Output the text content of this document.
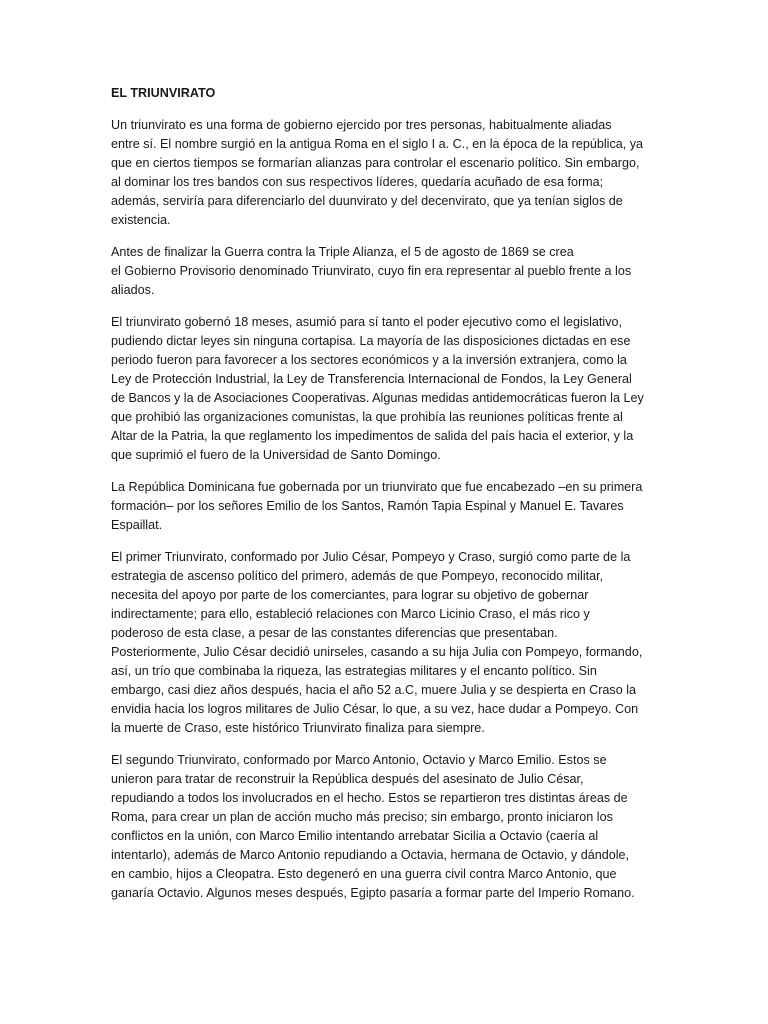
EL TRIUNVIRATO

Un triunvirato es una forma de gobierno ejercido por tres personas, habitualmente aliadas
entre sí. El nombre surgió en la antigua Roma en el siglo I a. C., en la época de la república, ya
que en ciertos tiempos se formarían alianzas para controlar el escenario político. Sin embargo,
al dominar los tres bandos con sus respectivos líderes, quedaría acuñado de esa forma;
además, serviría para diferenciarlo del duunvirato y del decenvirato, que ya tenían siglos de
existencia.

Antes de finalizar la Guerra contra la Triple Alianza, el 5 de agosto de 1869 se crea
el Gobierno Provisorio denominado Triunvirato, cuyo fin era representar al pueblo frente a los
aliados.

El triunvirato gobernó 18 meses, asumió para sí tanto el poder ejecutivo como el legislativo,
pudiendo dictar leyes sin ninguna cortapisa. La mayoría de las disposiciones dictadas en ese
periodo fueron para favorecer a los sectores económicos y a la inversión extranjera, como la
Ley de Protección Industrial, la Ley de Transferencia Internacional de Fondos, la Ley General
de Bancos y la de Asociaciones Cooperativas. Algunas medidas antidemocráticas fueron la Ley
que prohibió las organizaciones comunistas, la que prohibía las reuniones políticas frente al
Altar de la Patria, la que reglamento los impedimentos de salida del país hacia el exterior, y la
que suprimió el fuero de la Universidad de Santo Domingo.

La República Dominicana fue gobernada por un triunvirato que fue encabezado –en su primera
formación– por los señores Emilio de los Santos, Ramón Tapia Espinal y Manuel E. Tavares
Espaillat.

El primer Triunvirato, conformado por Julio César, Pompeyo y Craso, surgió como parte de la
estrategia de ascenso político del primero, además de que Pompeyo, reconocido militar,
necesita del apoyo por parte de los comerciantes, para lograr su objetivo de gobernar
indirectamente; para ello, estableció relaciones con Marco Licinio Craso, el más rico y
poderoso de esta clase, a pesar de las constantes diferencias que presentaban.
Posteriormente, Julio César decidió unirseles, casando a su hija Julia con Pompeyo, formando,
así, un trío que combinaba la riqueza, las estrategias militares y el encanto político. Sin
embargo, casi diez años después, hacia el año 52 a.C, muere Julia y se despierta en Craso la
envidia hacia los logros militares de Julio César, lo que, a su vez, hace dudar a Pompeyo. Con
la muerte de Craso, este histórico Triunvirato finaliza para siempre.

El segundo Triunvirato, conformado por Marco Antonio, Octavio y Marco Emilio. Estos se
unieron para tratar de reconstruir la República después del asesinato de Julio César,
repudiando a todos los involucrados en el hecho. Estos se repartieron tres distintas áreas de
Roma, para crear un plan de acción mucho más preciso; sin embargo, pronto iniciaron los
conflictos en la unión, con Marco Emilio intentando arrebatar Sicilia a Octavio (caería al
intentarlo), además de Marco Antonio repudiando a Octavia, hermana de Octavio, y dándole,
en cambio, hijos a Cleopatra. Esto degeneró en una guerra civil contra Marco Antonio, que
ganaría Octavio. Algunos meses después, Egipto pasaría a formar parte del Imperio Romano.
